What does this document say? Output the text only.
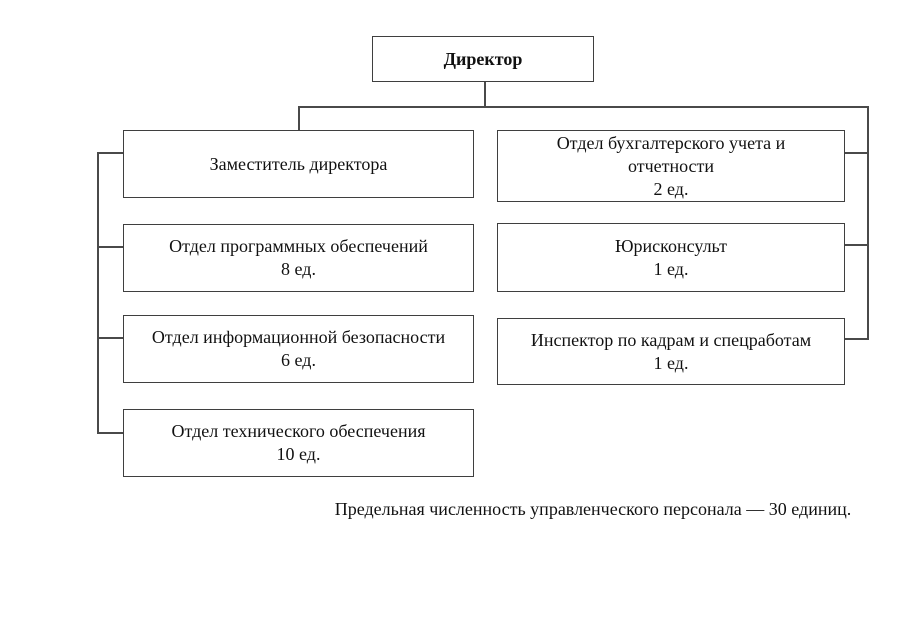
Директор
Заместитель директора
Отдел бухгалтерского учета и отчетности
2 ед.
Отдел программных обеспечений
8 ед.
Юрисконсульт
1 ед.
Отдел информационной безопасности
6 ед.
Инспектор по кадрам и спецработам
1 ед.
Отдел технического обеспечения
10 ед.
Предельная численность управленческого персонала — 30 единиц.
